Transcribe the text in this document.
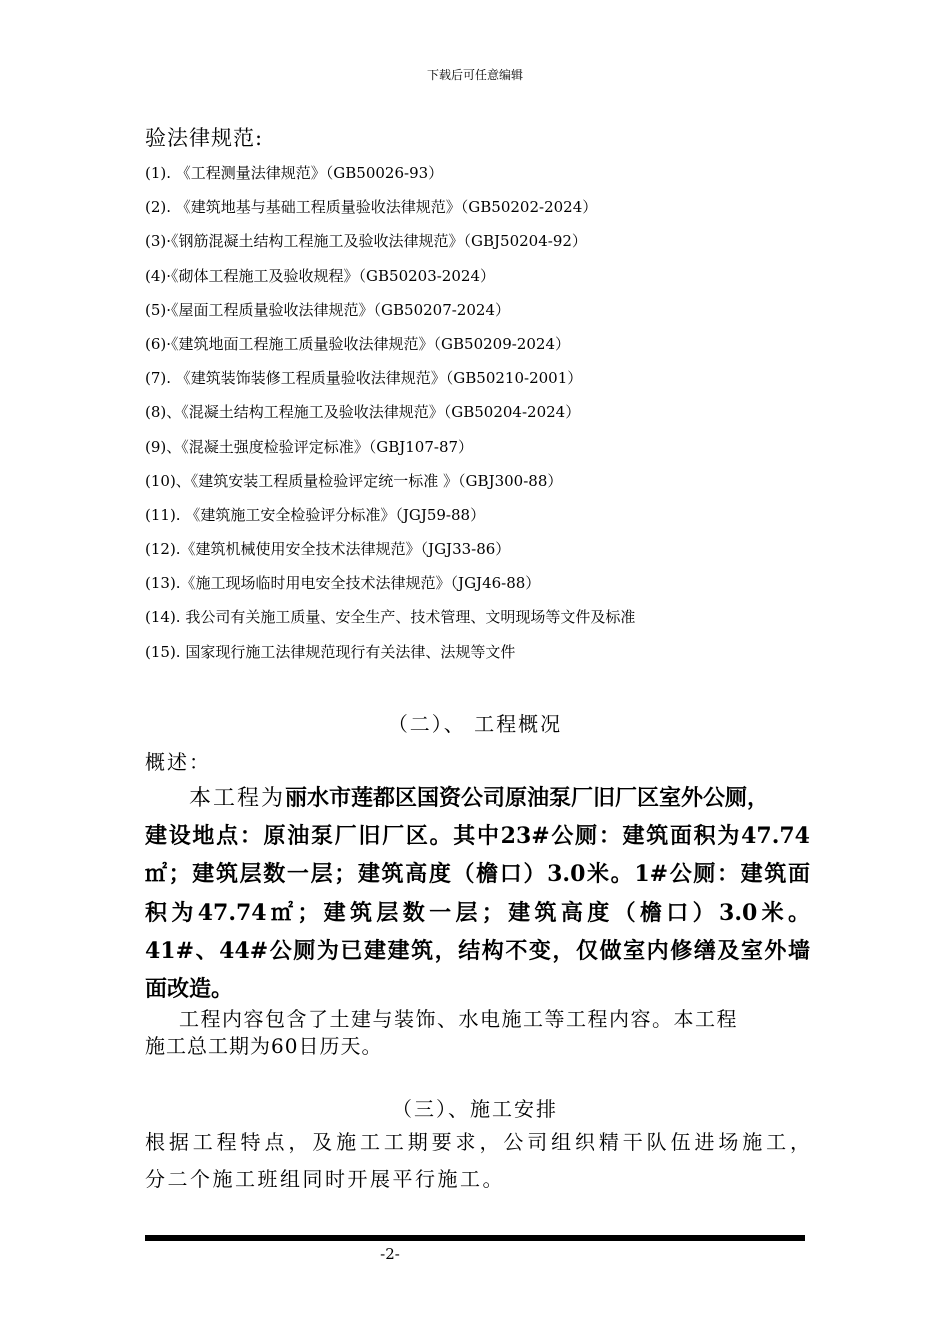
下载后可任意编辑
验法律规范:
(1). 《工程测量法律规范》（GB50026-93）
(2). 《建筑地基与基础工程质量验收法律规范》（GB50202-2024）
(3)·《钢筋混凝土结构工程施工及验收法律规范》（GBJ50204-92）
(4)·《砌体工程施工及验收规程》（GB50203-2024）
(5)·《屋面工程质量验收法律规范》（GB50207-2024）
(6)·《建筑地面工程施工质量验收法律规范》（GB50209-2024）
(7). 《建筑装饰装修工程质量验收法律规范》（GB50210-2001）
(8)、《混凝土结构工程施工及验收法律规范》（GB50204-2024）
(9)、《混凝土强度检验评定标准》（GBJ107-87）
(10)、《建筑安装工程质量检验评定统一标准 》（GBJ300-88）
(11). 《建筑施工安全检验评分标准》（JGJ59-88）
(12).《建筑机械使用安全技术法律规范》（JGJ33-86）
(13).《施工现场临时用电安全技术法律规范》（JGJ46-88）
(14). 我公司有关施工质量、安全生产、技术管理、文明现场等文件及标准
(15). 国家现行施工法律规范现行有关法律、法规等文件
（二）、 工程概况
概述：
本工程为丽水市莲都区国资公司原油泵厂旧厂区室外公厕，
建设地点：原油泵厂旧厂区。其中23#公厕：建筑面积为47.74
㎡；建筑层数一层；建筑高度（檐口）3.0米。1#公厕：建筑面
积为47.74㎡；建筑层数一层；建筑高度（檐口）3.0米。
41#、44#公厕为已建建筑，结构不变，仅做室内修缮及室外墙
面改造。
工程内容包含了土建与装饰、水电施工等工程内容。本工程
施工总工期为60日历天。
（三）、施工安排
根据工程特点，及施工工期要求，公司组织精干队伍进场施工，
分二个施工班组同时开展平行施工。
-2-
